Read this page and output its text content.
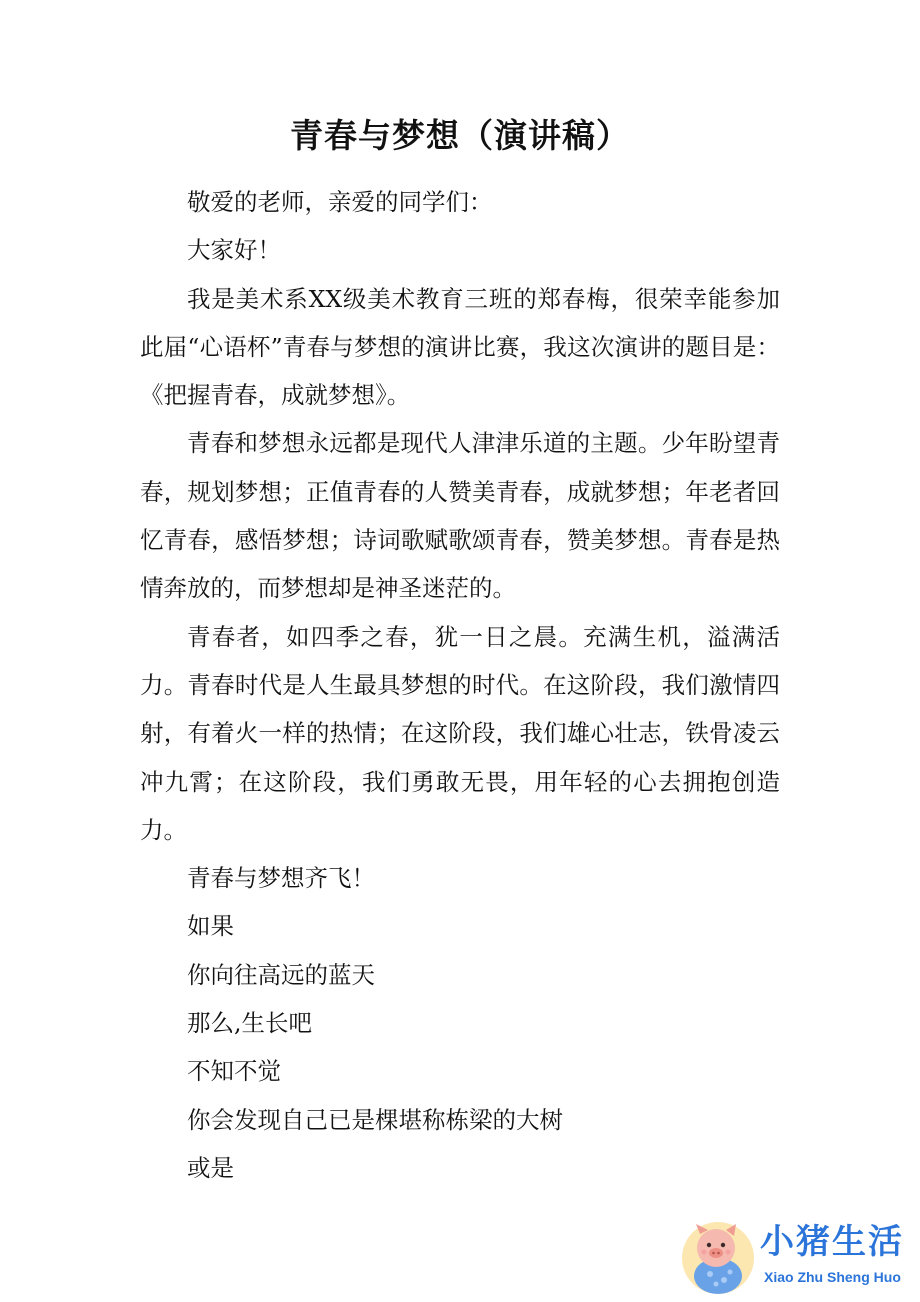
青春与梦想（演讲稿）

敬爱的老师，亲爱的同学们：

大家好！

我是美术系XX级美术教育三班的郑春梅，很荣幸能参加此届“心语杯”青春与梦想的演讲比赛，我这次演讲的题目是：《把握青春，成就梦想》。

青春和梦想永远都是现代人津津乐道的主题。少年盼望青春，规划梦想；正值青春的人赞美青春，成就梦想；年老者回忆青春，感悟梦想；诗词歌赋歌颂青春，赞美梦想。青春是热情奔放的，而梦想却是神圣迷茫的。

青春者，如四季之春，犹一日之晨。充满生机，溢满活力。青春时代是人生最具梦想的时代。在这阶段，我们激情四射，有着火一样的热情；在这阶段，我们雄心壮志，铁骨凌云冲九霄；在这阶段，我们勇敢无畏，用年轻的心去拥抱创造力。

青春与梦想齐飞！

如果

你向往高远的蓝天

那么,生长吧

不知不觉

你会发现自己已是棵堪称栋梁的大树

或是

小猪生活
Xiao Zhu Sheng Huo
